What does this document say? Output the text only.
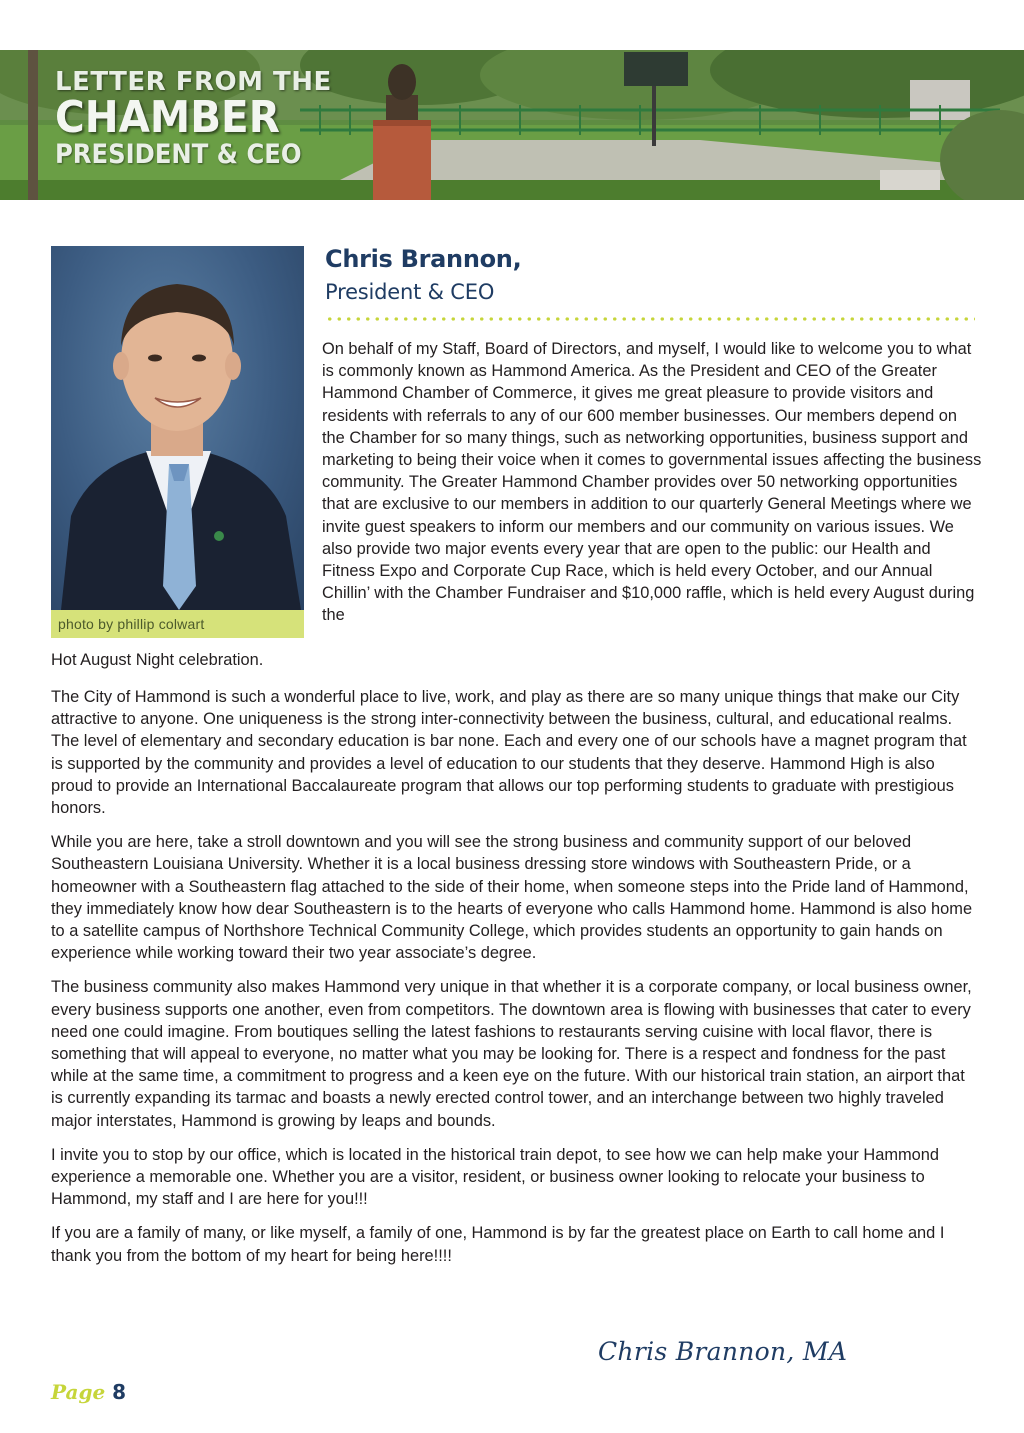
LETTER FROM THE
CHAMBER
PRESIDENT & CEO
photo by phillip colwart
Chris Brannon,
President & CEO
On behalf of my Staff, Board of Directors, and myself, I would like to welcome you to what is commonly known as Hammond America. As the President and CEO of the Greater Hammond Chamber of Commerce, it gives me great pleasure to provide visitors and residents with referrals to any of our 600 member businesses. Our members depend on the Chamber for so many things, such as networking opportunities, business support and marketing to being their voice when it comes to governmental issues affecting the business community. The Greater Hammond Chamber provides over 50 networking opportunities that are exclusive to our members in addition to our quarterly General Meetings where we invite guest speakers to inform our members and our community on various issues. We also provide two major events every year that are open to the public: our Health and Fitness Expo and Corporate Cup Race, which is held every October, and our Annual Chillin’ with the Chamber Fundraiser and $10,000 raffle, which is held every August during the
Hot August Night celebration.

The City of Hammond is such a wonderful place to live, work, and play as there are so many unique things that make our City attractive to anyone. One uniqueness is the strong inter-connectivity between the business, cultural, and educational realms. The level of elementary and secondary education is bar none. Each and every one of our schools have a magnet program that is supported by the community and provides a level of education to our students that they deserve. Hammond High is also proud to provide an International Baccalaureate program that allows our top performing students to graduate with prestigious honors.

While you are here, take a stroll downtown and you will see the strong business and community support of our beloved Southeastern Louisiana University. Whether it is a local business dressing store windows with Southeastern Pride, or a homeowner with a Southeastern flag attached to the side of their home, when someone steps into the Pride land of Hammond, they immediately know how dear Southeastern is to the hearts of everyone who calls Hammond home. Hammond is also home to a satellite campus of Northshore Technical Community College, which provides students an opportunity to gain hands on experience while working toward their two year associate’s degree.

The business community also makes Hammond very unique in that whether it is a corporate company, or local business owner, every business supports one another, even from competitors. The downtown area is flowing with businesses that cater to every need one could imagine. From boutiques selling the latest fashions to restaurants serving cuisine with local flavor, there is something that will appeal to everyone, no matter what you may be looking for. There is a respect and fondness for the past while at the same time, a commitment to progress and a keen eye on the future. With our historical train station, an airport that is currently expanding its tarmac and boasts a newly erected control tower, and an interchange between two highly traveled major interstates, Hammond is growing by leaps and bounds.

I invite you to stop by our office, which is located in the historical train depot, to see how we can help make your Hammond experience a memorable one. Whether you are a visitor, resident, or business owner looking to relocate your business to Hammond, my staff and I are here for you!!!

If you are a family of many, or like myself, a family of one, Hammond is by far the greatest place on Earth to call home and I thank you from the bottom of my heart for being here!!!!

Chris Brannon, MA
Page 8
